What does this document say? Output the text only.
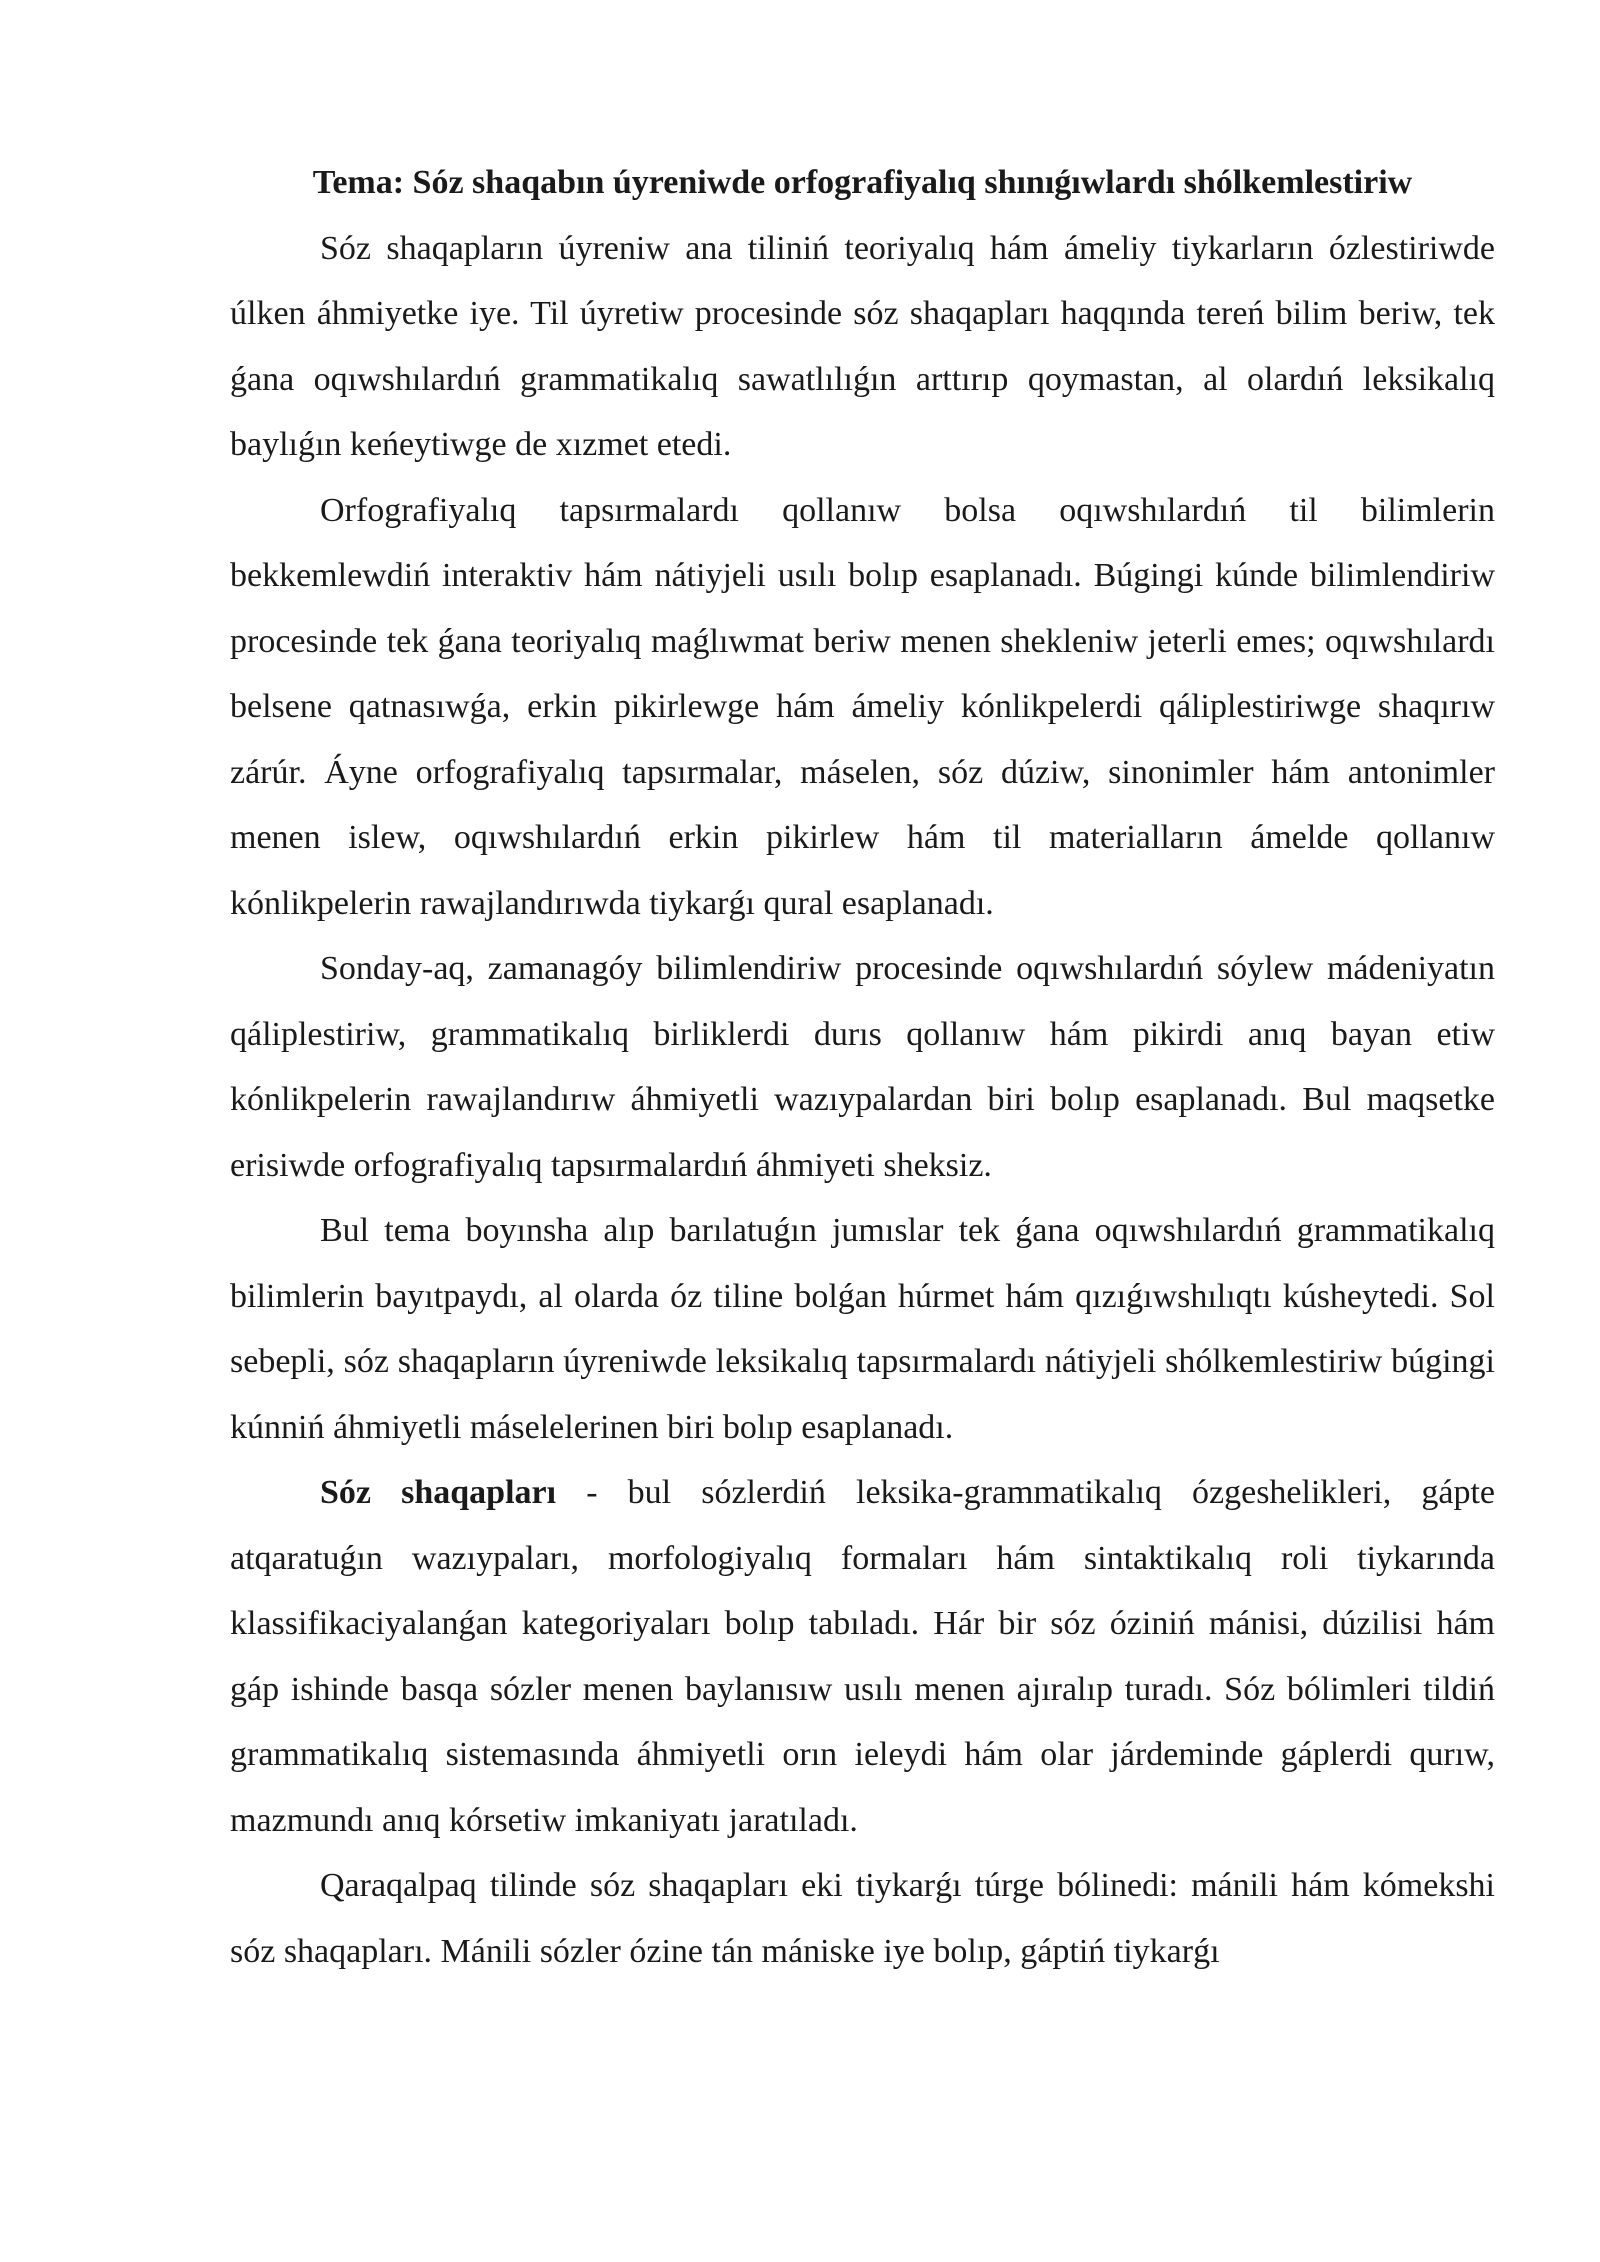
Tema: Sóz shaqabın úyreniwde orfografiyalıq shınıǵıwlardı shólkemlestiriw

Sóz shaqapların úyreniw ana tiliniń teoriyalıq hám ámeliy tiykarların ózlestiriwde úlken áhmiyetke iye. Til úyretiw procesinde sóz shaqapları haqqında tereń bilim beriw, tek ǵana oqıwshılardıń grammatikalıq sawatlılıǵın arttırıp qoymastan, al olardıń leksikalıq baylıǵın keńeytiwge de xızmet etedi.

Orfografiyalıq tapsırmalardı qollanıw bolsa oqıwshılardıń til bilimlerin bekkemlewdiń interaktiv hám nátiyjeli usılı bolıp esaplanadı. Búgingi kúnde bilimlendiriw procesinde tek ǵana teoriyalıq maǵlıwmat beriw menen shekleniw jeterli emes; oqıwshılardı belsene qatnasıwǵa, erkin pikirlewge hám ámeliy kónlikpelerdi qáliplestiriwge shaqırıw zárúr. Áyne orfografiyalıq tapsırmalar, máselen, sóz dúziw, sinonimler hám antonimler menen islew, oqıwshılardıń erkin pikirlew hám til materialların ámelde qollanıw kónlikpelerin rawajlandırıwda tiykarǵı qural esaplanadı.

Sonday-aq, zamanagóy bilimlendiriw procesinde oqıwshılardıń sóylew mádeniyatın qáliplestiriw, grammatikalıq birliklerdi durıs qollanıw hám pikirdi anıq bayan etiw kónlikpelerin rawajlandırıw áhmiyetli wazıypalardan biri bolıp esaplanadı. Bul maqsetke erisiwde orfografiyalıq tapsırmalardıń áhmiyeti sheksiz.

Bul tema boyınsha alıp barılatuǵın jumıslar tek ǵana oqıwshılardıń grammatikalıq bilimlerin bayıtpaydı, al olarda óz tiline bolǵan húrmet hám qızıǵıwshılıqtı kúsheytedi. Sol sebepli, sóz shaqapların úyreniwde leksikalıq tapsırmalardı nátiyjeli shólkemlestiriw búgingi kúnniń áhmiyetli máselelerinen biri bolıp esaplanadı.

Sóz shaqapları - bul sózlerdiń leksika-grammatikalıq ózgeshelikleri, gápte atqaratuǵın wazıypaları, morfologiyalıq formaları hám sintaktikalıq roli tiykarında klassifikaciyalanǵan kategoriyaları bolıp tabıladı. Hár bir sóz óziniń mánisi, dúzilisi hám gáp ishinde basqa sózler menen baylanısıw usılı menen ajıralıp turadı. Sóz bólimleri tildiń grammatikalıq sistemasında áhmiyetli orın ieleydi hám olar járdeminde gáplerdi qurıw, mazmundı anıq kórsetiw imkaniyatı jaratıladı.

Qaraqalpaq tilinde sóz shaqapları eki tiykarǵı túrge bólinedi: mánili hám kómekshi sóz shaqapları. Mánili sózler ózine tán mániske iye bolıp, gáptiń tiykarǵı
